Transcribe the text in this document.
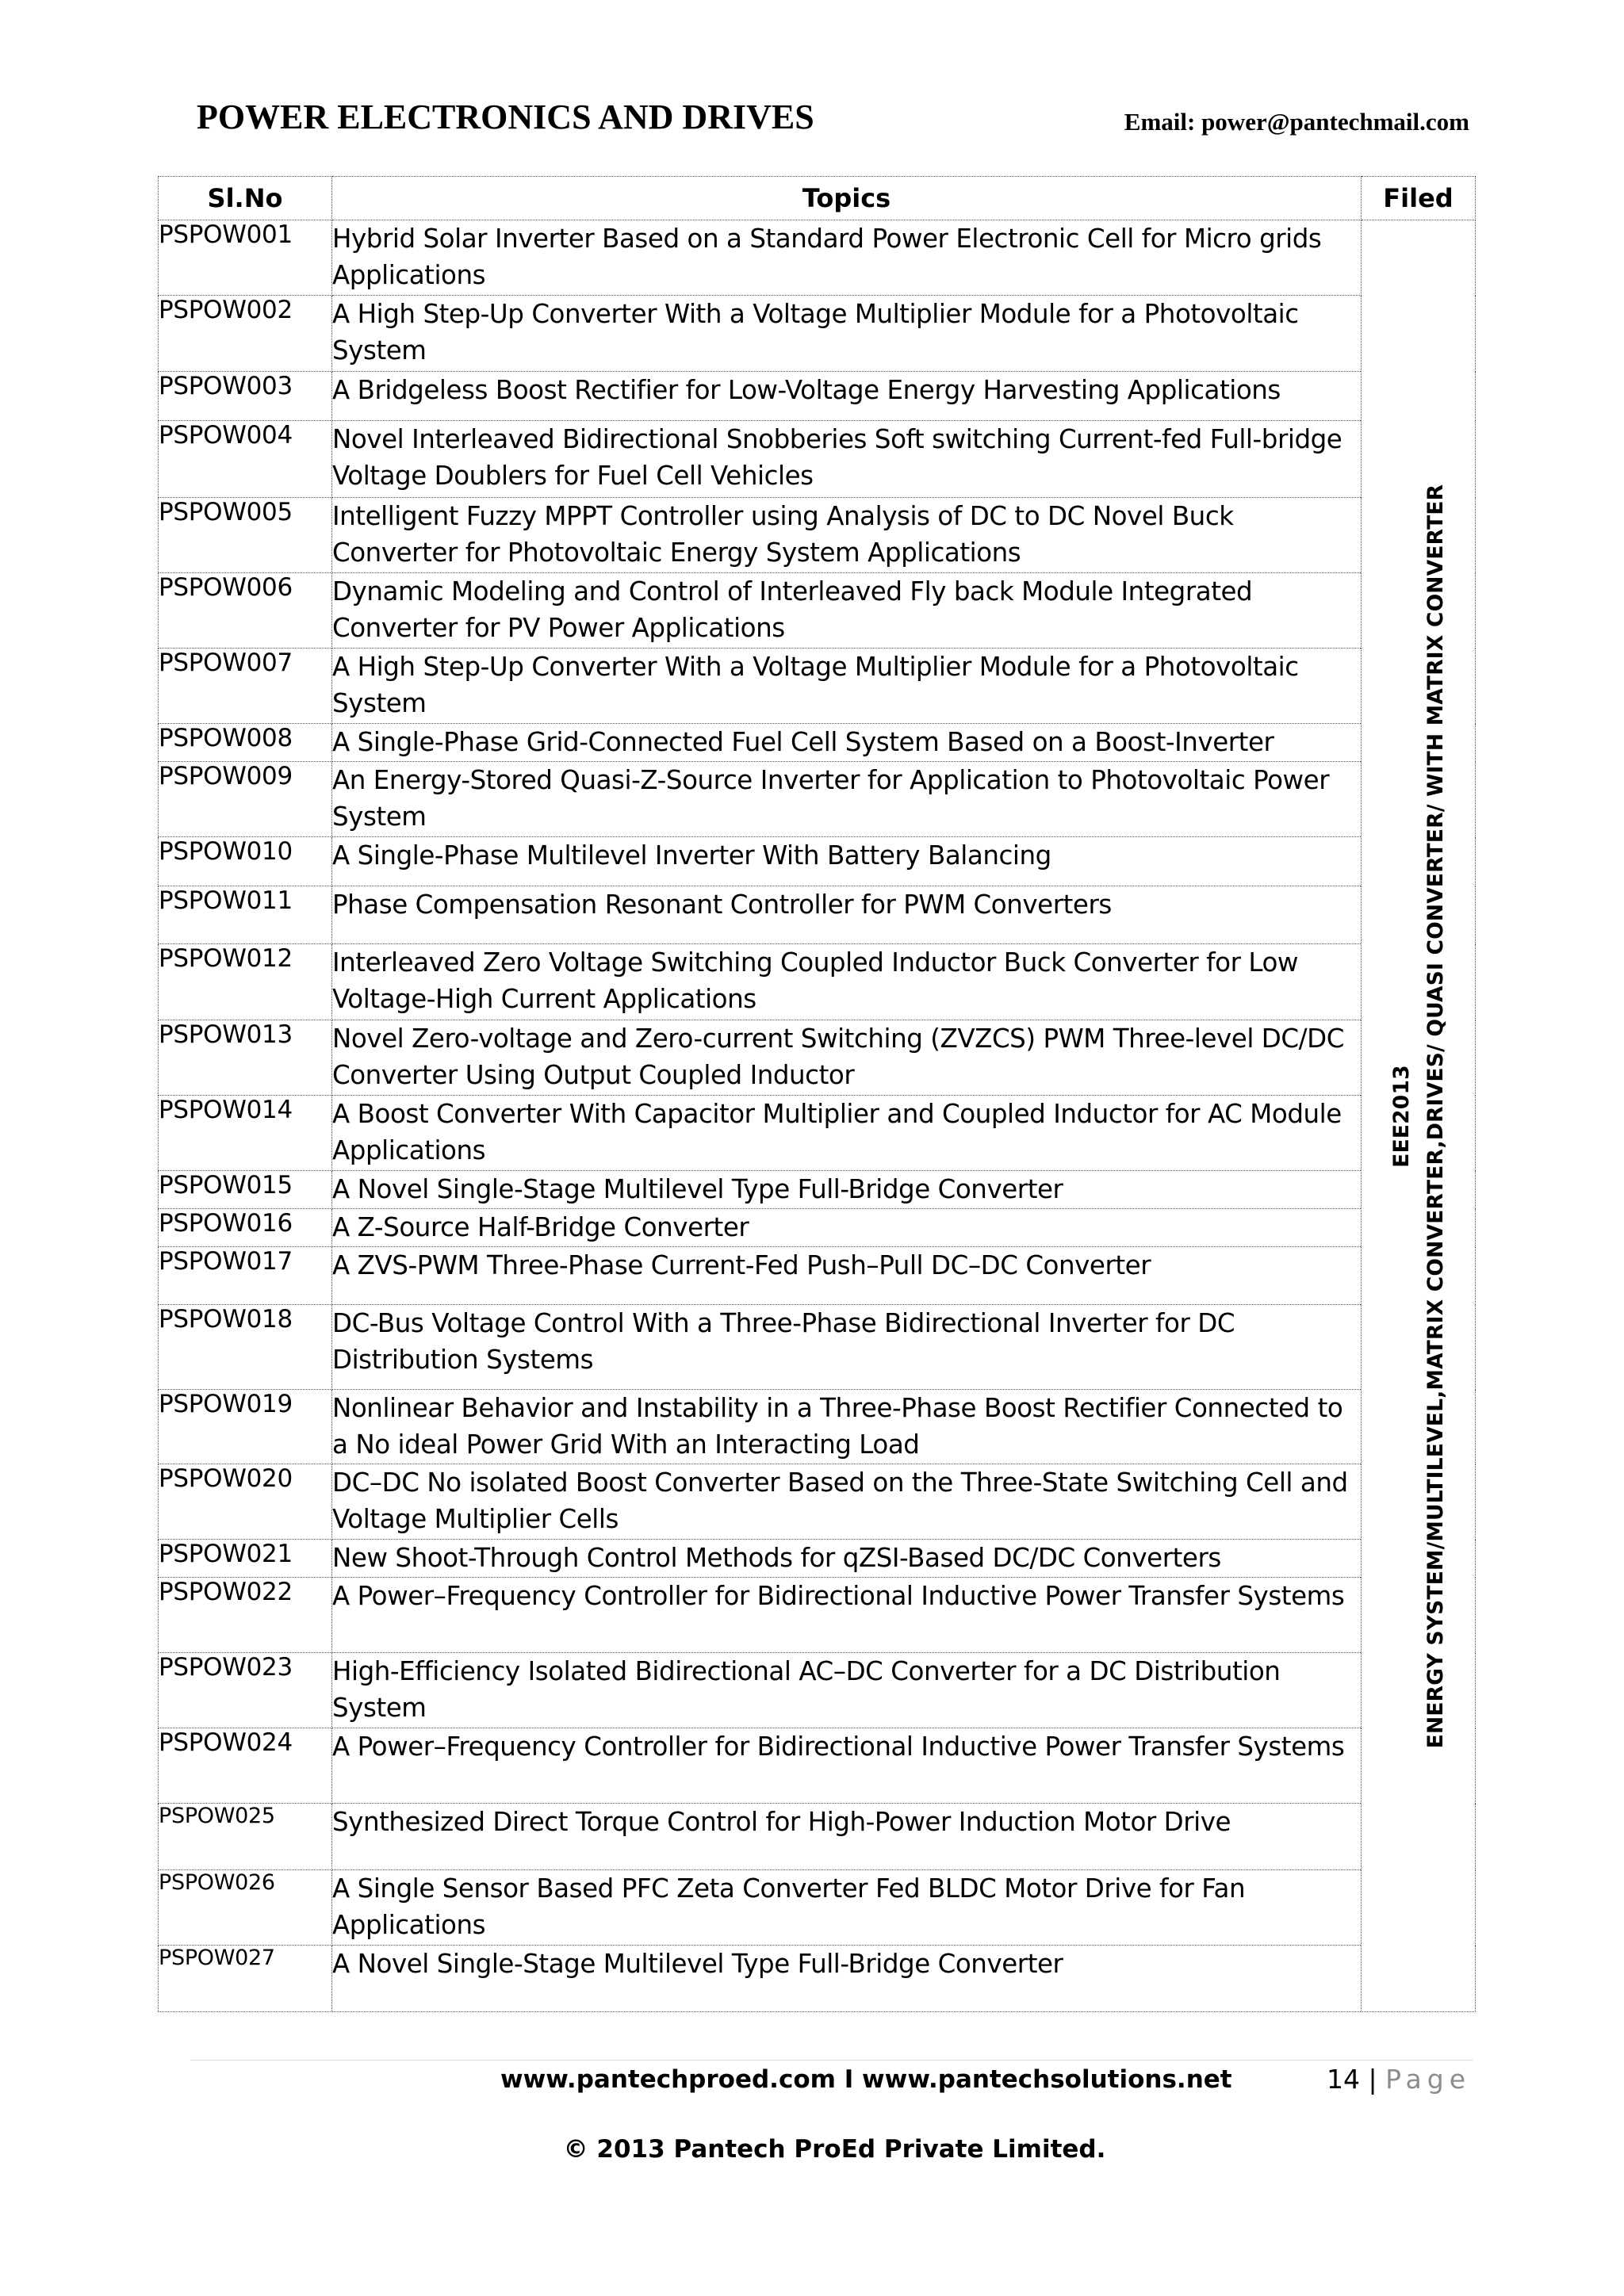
POWER ELECTRONICS AND DRIVES	Email: power@pantechmail.com
Sl.No	Topics	Filed
PSPOW001	Hybrid Solar Inverter Based on a Standard Power Electronic Cell for Micro grids Applications	EEE2013 ENERGY SYSTEM/MULTILEVEL,MATRIX CONVERTER,DRIVES/ QUASI CONVERTER/ WITH MATRIX CONVERTER

PSPOW002	A High Step-Up Converter With a Voltage Multiplier Module for a Photovoltaic System	
PSPOW003	A Bridgeless Boost Rectifier for Low-Voltage Energy Harvesting Applications	
PSPOW004	Novel Interleaved Bidirectional Snobberies Soft switching Current-fed Full-bridge Voltage Doublers for Fuel Cell Vehicles	
PSPOW005	Intelligent Fuzzy MPPT Controller using Analysis of DC to DC Novel Buck Converter for Photovoltaic Energy System Applications	
PSPOW006	Dynamic Modeling and Control of Interleaved Fly back Module Integrated Converter for PV Power Applications	
PSPOW007	A High Step-Up Converter With a Voltage Multiplier Module for a Photovoltaic System	
PSPOW008	A Single-Phase Grid-Connected Fuel Cell System Based on a Boost-Inverter	
PSPOW009	An Energy-Stored Quasi-Z-Source Inverter for Application to Photovoltaic Power System	
PSPOW010	A Single-Phase Multilevel Inverter With Battery Balancing	
PSPOW011	Phase Compensation Resonant Controller for PWM Converters	
PSPOW012	Interleaved Zero Voltage Switching Coupled Inductor Buck Converter for Low Voltage-High Current Applications	
PSPOW013	Novel Zero-voltage and Zero-current Switching (ZVZCS) PWM Three-level DC/DC Converter Using Output Coupled Inductor	
PSPOW014	A Boost Converter With Capacitor Multiplier and Coupled Inductor for AC Module Applications	
PSPOW015	A Novel Single-Stage Multilevel Type Full-Bridge Converter	
PSPOW016	A Z-Source Half-Bridge Converter	
PSPOW017	A ZVS-PWM Three-Phase Current-Fed Push–Pull DC–DC Converter	
PSPOW018	DC-Bus Voltage Control With a Three-Phase Bidirectional Inverter for DC Distribution Systems	
PSPOW019	Nonlinear Behavior and Instability in a Three-Phase Boost Rectifier Connected to a No ideal Power Grid With an Interacting Load	
PSPOW020	DC–DC No isolated Boost Converter Based on the Three-State Switching Cell and Voltage Multiplier Cells	
PSPOW021	New Shoot-Through Control Methods for qZSI-Based DC/DC Converters	
PSPOW022	A Power–Frequency Controller for Bidirectional Inductive Power Transfer Systems	
PSPOW023	High-Efficiency Isolated Bidirectional AC–DC Converter for a DC Distribution System	
PSPOW024	A Power–Frequency Controller for Bidirectional Inductive Power Transfer Systems	
PSPOW025	Synthesized Direct Torque Control for High-Power Induction Motor Drive	
PSPOW026	A Single Sensor Based PFC Zeta Converter Fed BLDC Motor Drive for Fan Applications	
PSPOW027	A Novel Single-Stage Multilevel Type Full-Bridge Converter	
www.pantechproed.com I www.pantechsolutions.net	14 | Page
© 2013 Pantech ProEd Private Limited.
